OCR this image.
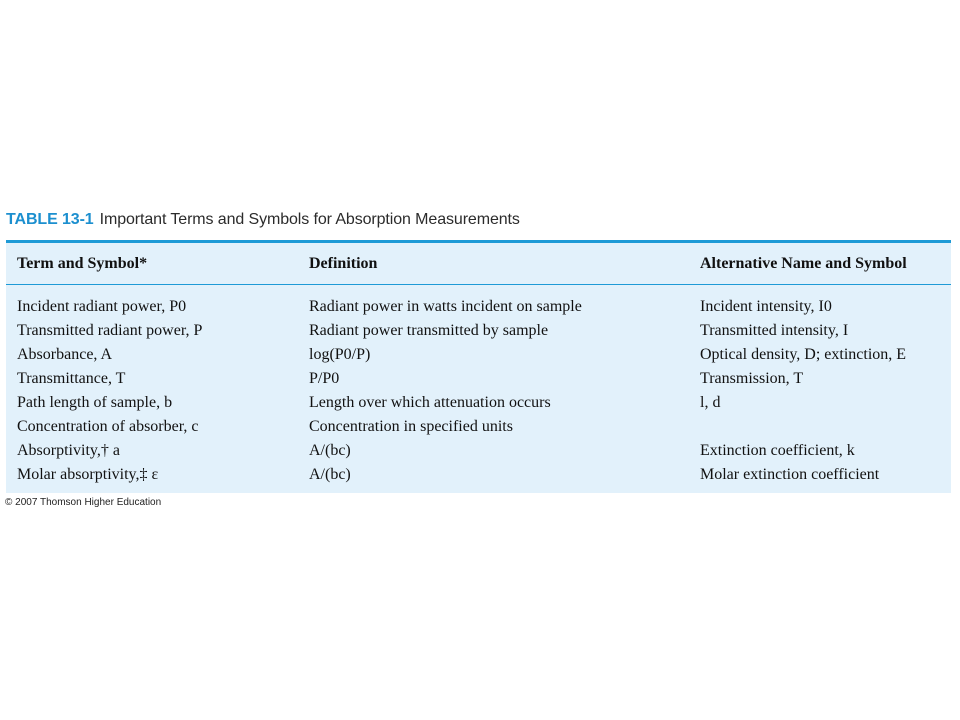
TABLE 13-1 Important Terms and Symbols for Absorption Measurements
Term and Symbol*	Definition	Alternative Name and Symbol
Incident radiant power, P0	Radiant power in watts incident on sample	Incident intensity, I0
Transmitted radiant power, P	Radiant power transmitted by sample	Transmitted intensity, I
Absorbance, A	log(P0/P)	Optical density, D; extinction, E
Transmittance, T	P/P0	Transmission, T
Path length of sample, b	Length over which attenuation occurs	l, d
Concentration of absorber, c	Concentration in specified units
Absorptivity,† a	A/(bc)	Extinction coefficient, k
Molar absorptivity,‡ ε	A/(bc)	Molar extinction coefficient
© 2007 Thomson Higher Education
